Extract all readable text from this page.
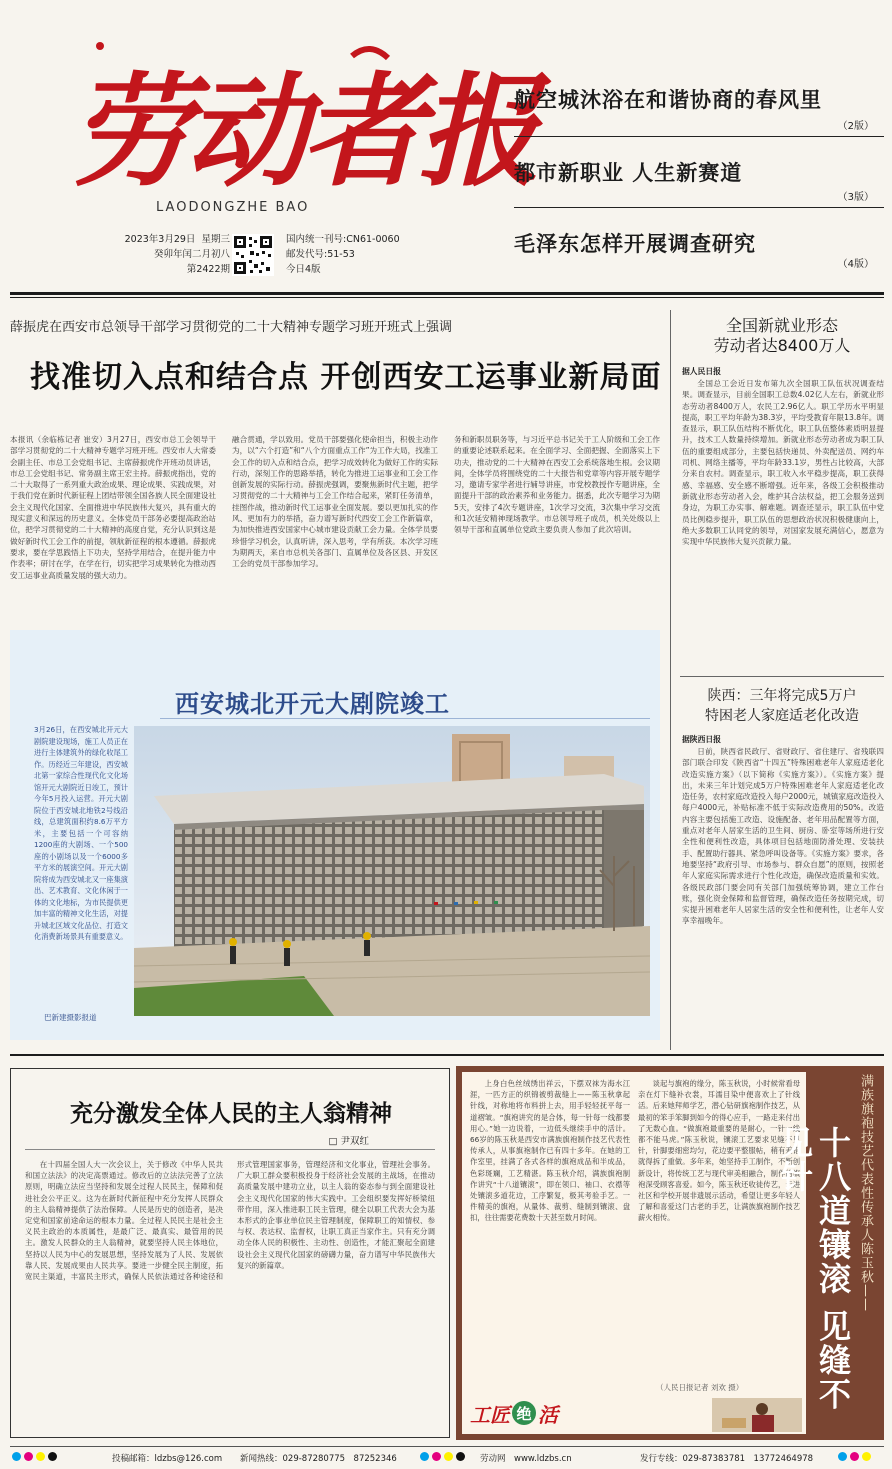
劳动者报
LAODONGZHE BAO
2023年3月29日 星期三
癸卯年闰二月初八
第2422期
国内统一刊号:CN61-0060
邮发代号:51-53
今日4版
航空城沐浴在和谐协商的春风里
（2版）
都市新职业 人生新赛道
（3版）
毛泽东怎样开展调查研究
（4版）
薛振虎在西安市总领导干部学习贯彻党的二十大精神专题学习班开班式上强调
找准切入点和结合点 开创西安工运事业新局面

本报讯（余临栋记者 崔安）3月27日，西安市总工会领导干部学习贯彻党的二十大精神专题学习班开班。西安市人大常委会副主任、市总工会党组书记、主席薛振虎作开班动员讲话，市总工会党组书记、常务副主席王宏主持。薛振虎指出，党的二十大取得了一系列重大政治成果、理论成果、实践成果，对于我们党在新时代新征程上团结带领全国各族人民全面建设社会主义现代化国家、全面推进中华民族伟大复兴，具有重大的现实意义和深远的历史意义。全体党员干部务必要提高政治站位，把学习贯彻党的二十大精神的高度自觉，充分认识到这是做好新时代工会工作的前提，领航新征程的根本遵循。薛振虎要求，要在学思践悟上下功夫，坚持学用结合，在提升能力中作表率；研讨在学，在学在行，切实把学习成果转化为推动西安工运事业高质量发展的强大动力。

融合贯通，学以致用。党员干部要强化使命担当，积极主动作为，以“六个打造”和“八个方面重点工作”为工作大局，找准工会工作的切入点和结合点，把学习成效转化为做好工作的实际行动，深刻工作的思路举措，转化为推进工运事业和工会工作创新发展的实际行动。薛振虎强调，要聚焦新时代主题，把学习贯彻党的二十大精神与工会工作结合起来，紧盯任务清单，挂图作战，推动新时代工运事业全面发展。要以更加扎实的作风、更加有力的举措，奋力谱写新时代西安工会工作新篇章，为加快推进西安国家中心城市建设贡献工会力量。全体学员要珍惜学习机会，认真听讲，深入思考，学有所获。本次学习班为期两天，来自市总机关各部门、直属单位及各区县、开发区工会的党员干部参加学习。

务和新职员职务等，与习近平总书记关于工人阶级和工会工作的重要论述联系起来。在全面学习、全面把握、全面落实上下功夫，推动党的二十大精神在西安工会系统落地生根。会议期间，全体学员将围绕党的二十大报告和党章等内容开展专题学习，邀请专家学者进行辅导讲座，市党校教授作专题讲座，全面提升干部的政治素养和业务能力。据悉，此次专题学习为期5天，安排了4次专题讲座，1次学习交流，3次集中学习交流和1次延安精神现场教学。市总领导班子成员，机关处级以上领导干部和直属单位党政主要负责人参加了此次培训。

西安城北开元大剧院竣工

3月26日，在西安城北开元大剧院建设现场，施工人员正在进行主体建筑外的绿化收尾工作。历经近三年建设，西安城北第一家综合性现代化文化场馆开元大剧院近日竣工，预计今年5月投入运营。开元大剧院位于西安城北地铁2号线沿线，总建筑面积约8.6万平方米，主要包括一个可容纳1200座的大剧场、一个500座的小剧场以及一个6000多平方米的展演空间。开元大剧院将成为西安城北又一座集演出、艺术教育、文化休闲于一体的文化地标，为市民提供更加丰富的精神文化生活，对提升城北区域文化品位、打造文化消费新场景具有重要意义。

巴新建摄影报道
全国新就业形态
劳动者达8400万人
据人民日报

全国总工会近日发布第九次全国职工队伍状况调查结果。调查显示，目前全国职工总数4.02亿人左右，新就业形态劳动者8400万人，农民工2.96亿人。职工学历水平明显提高，职工平均年龄为38.3岁，平均受教育年限13.8年。调查显示，职工队伍结构不断优化，职工队伍整体素质明显提升，技术工人数量持续增加。新就业形态劳动者成为职工队伍的重要组成部分，主要包括快递员、外卖配送员、网约车司机、网络主播等，平均年龄33.1岁，男性占比较高，大部分来自农村。调查显示，职工收入水平稳步提高，职工获得感、幸福感、安全感不断增强。近年来，各级工会积极推动新就业形态劳动者入会，维护其合法权益，把工会服务送到身边，为职工办实事、解难题。调查还显示，职工队伍中党员比例稳步提升，职工队伍的思想政治状况积极健康向上，绝大多数职工认同党的领导，对国家发展充满信心，愿意为实现中华民族伟大复兴贡献力量。

陕西：三年将完成5万户
特困老人家庭适老化改造
据陕西日报

日前，陕西省民政厅、省财政厅、省住建厅、省残联四部门联合印发《陕西省“十四五”特殊困难老年人家庭适老化改造实施方案》（以下简称《实施方案》）。《实施方案》提出，未来三年计划完成5万户特殊困难老年人家庭适老化改造任务，农村家庭改造投入每户2000元，城镇家庭改造投入每户4000元，补贴标准不低于实际改造费用的50%。改造内容主要包括施工改造、设施配备、老年用品配置等方面，重点对老年人居家生活的卫生间、厨房、卧室等场所进行安全性和便利性改造，具体项目包括地面防滑处理、安装扶手、配置助行器具、紧急呼叫设备等。《实施方案》要求，各地要坚持“政府引导、市场参与、群众自愿”的原则，按照老年人家庭实际需求进行个性化改造，确保改造质量和实效。各级民政部门要会同有关部门加强统筹协调，建立工作台账，强化资金保障和监督管理，确保改造任务按期完成，切实提升困难老年人居家生活的安全性和便利性，让老年人安享幸福晚年。

充分激发全体人民的主人翁精神
□ 尹双红

在十四届全国人大一次会议上，关于修改《中华人民共和国立法法》的决定高票通过。修改后的立法法完善了立法原则，明确立法应当坚持和发展全过程人民民主，保障和促进社会公平正义。这为在新时代新征程中充分发挥人民群众的主人翁精神提供了法治保障。人民是历史的创造者，是决定党和国家前途命运的根本力量。全过程人民民主是社会主义民主政治的本质属性，是最广泛、最真实、最管用的民主。激发人民群众的主人翁精神，就要坚持人民主体地位，坚持以人民为中心的发展思想，坚持发展为了人民、发展依靠人民、发展成果由人民共享。要进一步健全民主制度，拓宽民主渠道，丰富民主形式，确保人民依法通过各种途径和形式管理国家事务，管理经济和文化事业，管理社会事务。广大职工群众要积极投身于经济社会发展的主战场，在推动高质量发展中建功立业，以主人翁的姿态参与到全面建设社会主义现代化国家的伟大实践中。工会组织要发挥好桥梁纽带作用，深入推进职工民主管理，健全以职工代表大会为基本形式的企事业单位民主管理制度，保障职工的知情权、参与权、表达权、监督权，让职工真正当家作主。只有充分调动全体人民的积极性、主动性、创造性，才能汇聚起全面建设社会主义现代化国家的磅礴力量，奋力谱写中华民族伟大复兴的新篇章。

上身白色丝绒绣出祥云，下摆双袜为海水江涯，一匹方正的织锦被剪裁缝上——陈玉秋拿起针线，对称地将布料拼上去，用手轻轻抚平每一道褶皱。“旗袍讲究的是合体，每一针每一线都要用心。”她一边说着，一边低头继续手中的活计。66岁的陈玉秋是西安市满族旗袍制作技艺代表性传承人，从事旗袍制作已有四十多年。在她的工作室里，挂满了各式各样的旗袍成品和半成品，色彩斑斓，工艺精湛。陈玉秋介绍，满族旗袍制作讲究“十八道镶滚”，即在领口、袖口、衣襟等处镶滚多道花边，工序繁复，极其考验手艺。一件精美的旗袍，从量体、裁剪、缝制到镶滚、盘扣，往往需要花费数十天甚至数月时间。

谈起与旗袍的缘分，陈玉秋说，小时候常看母亲在灯下缝补衣裳，耳濡目染中便喜欢上了针线活。后来她拜师学艺，潜心钻研旗袍制作技艺，从最初的笨手笨脚到如今的得心应手，一路走来付出了无数心血。“做旗袍最重要的是耐心，一针一线都不能马虎。”陈玉秋说，镶滚工艺要求见缝不见针，针脚要细密均匀，花边要平整服帖，稍有差错就得拆了重做。多年来，她坚持手工制作，不断创新设计，将传统工艺与现代审美相融合，制作的旗袍深受顾客喜爱。如今，陈玉秋还收徒传艺，走进社区和学校开展非遗展示活动，希望让更多年轻人了解和喜爱这门古老的手艺，让满族旗袍制作技艺薪火相传。

（人民日报记者 刘欢 摄）
工匠 绝 活
满族旗袍技艺代表性传承人陈玉秋——
十八道镶滚 见缝不见针
投稿邮箱：ldzbs@126.com 新闻热线：029-87280775　87252346	劳动网　www.ldzbs.cn	发行专线：029-87383781　13772464978
